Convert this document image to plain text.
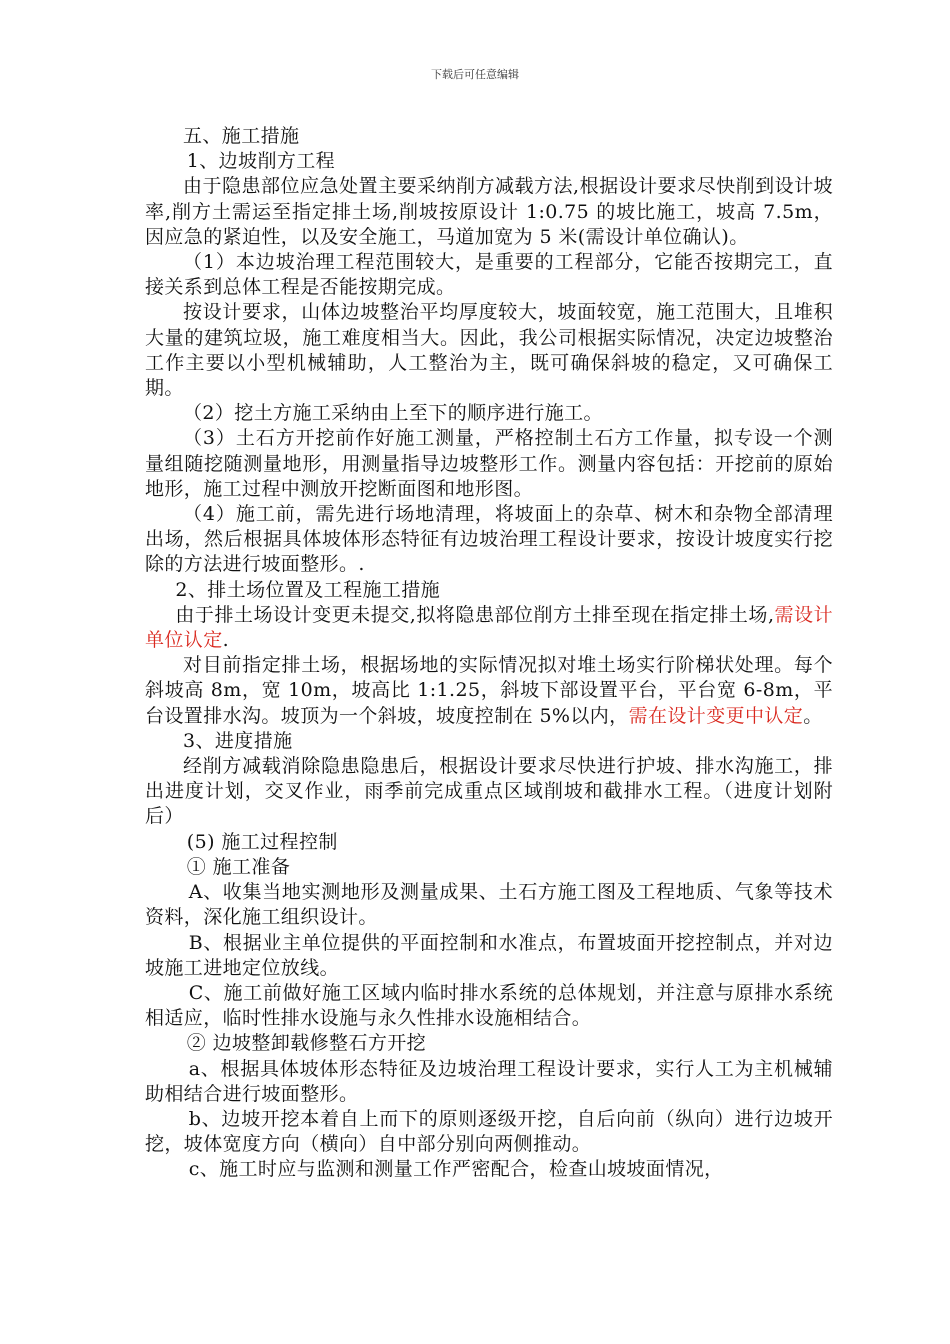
下载后可任意编辑

五、施工措施

1、边坡削方工程

由于隐患部位应急处置主要采纳削方减载方法,根据设计要求尽快削到设计坡率,削方土需运至指定排土场,削坡按原设计 1:0.75 的坡比施工，坡高 7.5m，因应急的紧迫性，以及安全施工，马道加宽为 5 米(需设计单位确认)。

（1）本边坡治理工程范围较大，是重要的工程部分，它能否按期完工，直接关系到总体工程是否能按期完成。

按设计要求，山体边坡整治平均厚度较大，坡面较宽，施工范围大，且堆积大量的建筑垃圾，施工难度相当大。因此，我公司根据实际情况，决定边坡整治工作主要以小型机械辅助，人工整治为主，既可确保斜坡的稳定，又可确保工期。

（2）挖土方施工采纳由上至下的顺序进行施工。

（3）土石方开挖前作好施工测量，严格控制土石方工作量，拟专设一个测量组随挖随测量地形，用测量指导边坡整形工作。测量内容包括：开挖前的原始地形，施工过程中测放开挖断面图和地形图。

（4）施工前，需先进行场地清理，将坡面上的杂草、树木和杂物全部清理出场，然后根据具体坡体形态特征有边坡治理工程设计要求，按设计坡度实行挖除的方法进行坡面整形。.

2、排土场位置及工程施工措施

由于排土场设计变更未提交,拟将隐患部位削方土排至现在指定排土场,需设计单位认定.

对目前指定排土场，根据场地的实际情况拟对堆土场实行阶梯状处理。每个斜坡高 8m，宽 10m，坡高比 1:1.25，斜坡下部设置平台，平台宽 6-8m，平台设置排水沟。坡顶为一个斜坡，坡度控制在 5%以内，需在设计变更中认定。

3、进度措施

经削方减载消除隐患隐患后，根据设计要求尽快进行护坡、排水沟施工，排出进度计划，交叉作业，雨季前完成重点区域削坡和截排水工程。（进度计划附后）

(5) 施工过程控制

① 施工准备

A、收集当地实测地形及测量成果、土石方施工图及工程地质、气象等技术资料，深化施工组织设计。

B、根据业主单位提供的平面控制和水准点，布置坡面开挖控制点，并对边坡施工进地定位放线。

C、施工前做好施工区域内临时排水系统的总体规划，并注意与原排水系统相适应，临时性排水设施与永久性排水设施相结合。

② 边坡整卸载修整石方开挖

a、根据具体坡体形态特征及边坡治理工程设计要求，实行人工为主机械辅助相结合进行坡面整形。

b、边坡开挖本着自上而下的原则逐级开挖，自后向前（纵向）进行边坡开挖，坡体宽度方向（横向）自中部分别向两侧推动。

c、施工时应与监测和测量工作严密配合，检查山坡坡面情况，
